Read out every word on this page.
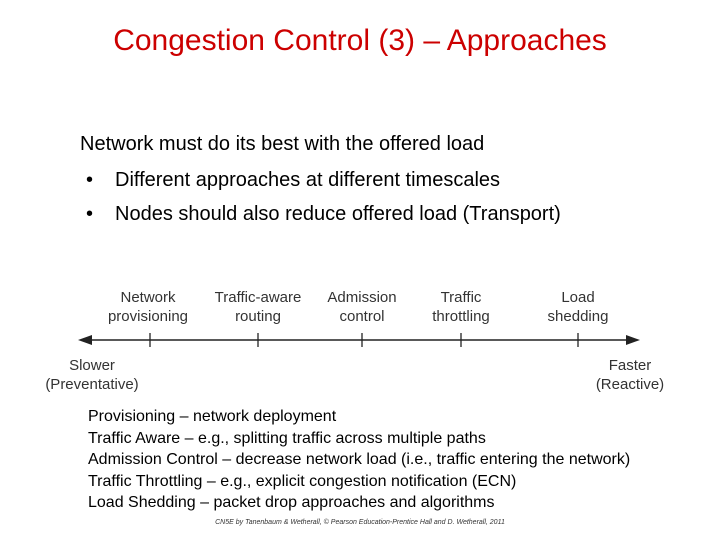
Congestion Control (3) – Approaches
Network must do its best with the offered load
• Different approaches at different timescales
• Nodes should also reduce offered load (Transport)
Network
provisioning
Traffic-aware
routing
Admission
control
Traffic
throttling
Load
shedding
Slower
(Preventative)
Faster
(Reactive)
Provisioning – network deployment
Traffic Aware – e.g., splitting traffic across multiple paths
Admission Control – decrease network load (i.e., traffic entering the network)
Traffic Throttling – e.g., explicit congestion notification (ECN)
Load Shedding – packet drop approaches and algorithms
CN5E by Tanenbaum & Wetherall, © Pearson Education-Prentice Hall and D. Wetherall, 2011
